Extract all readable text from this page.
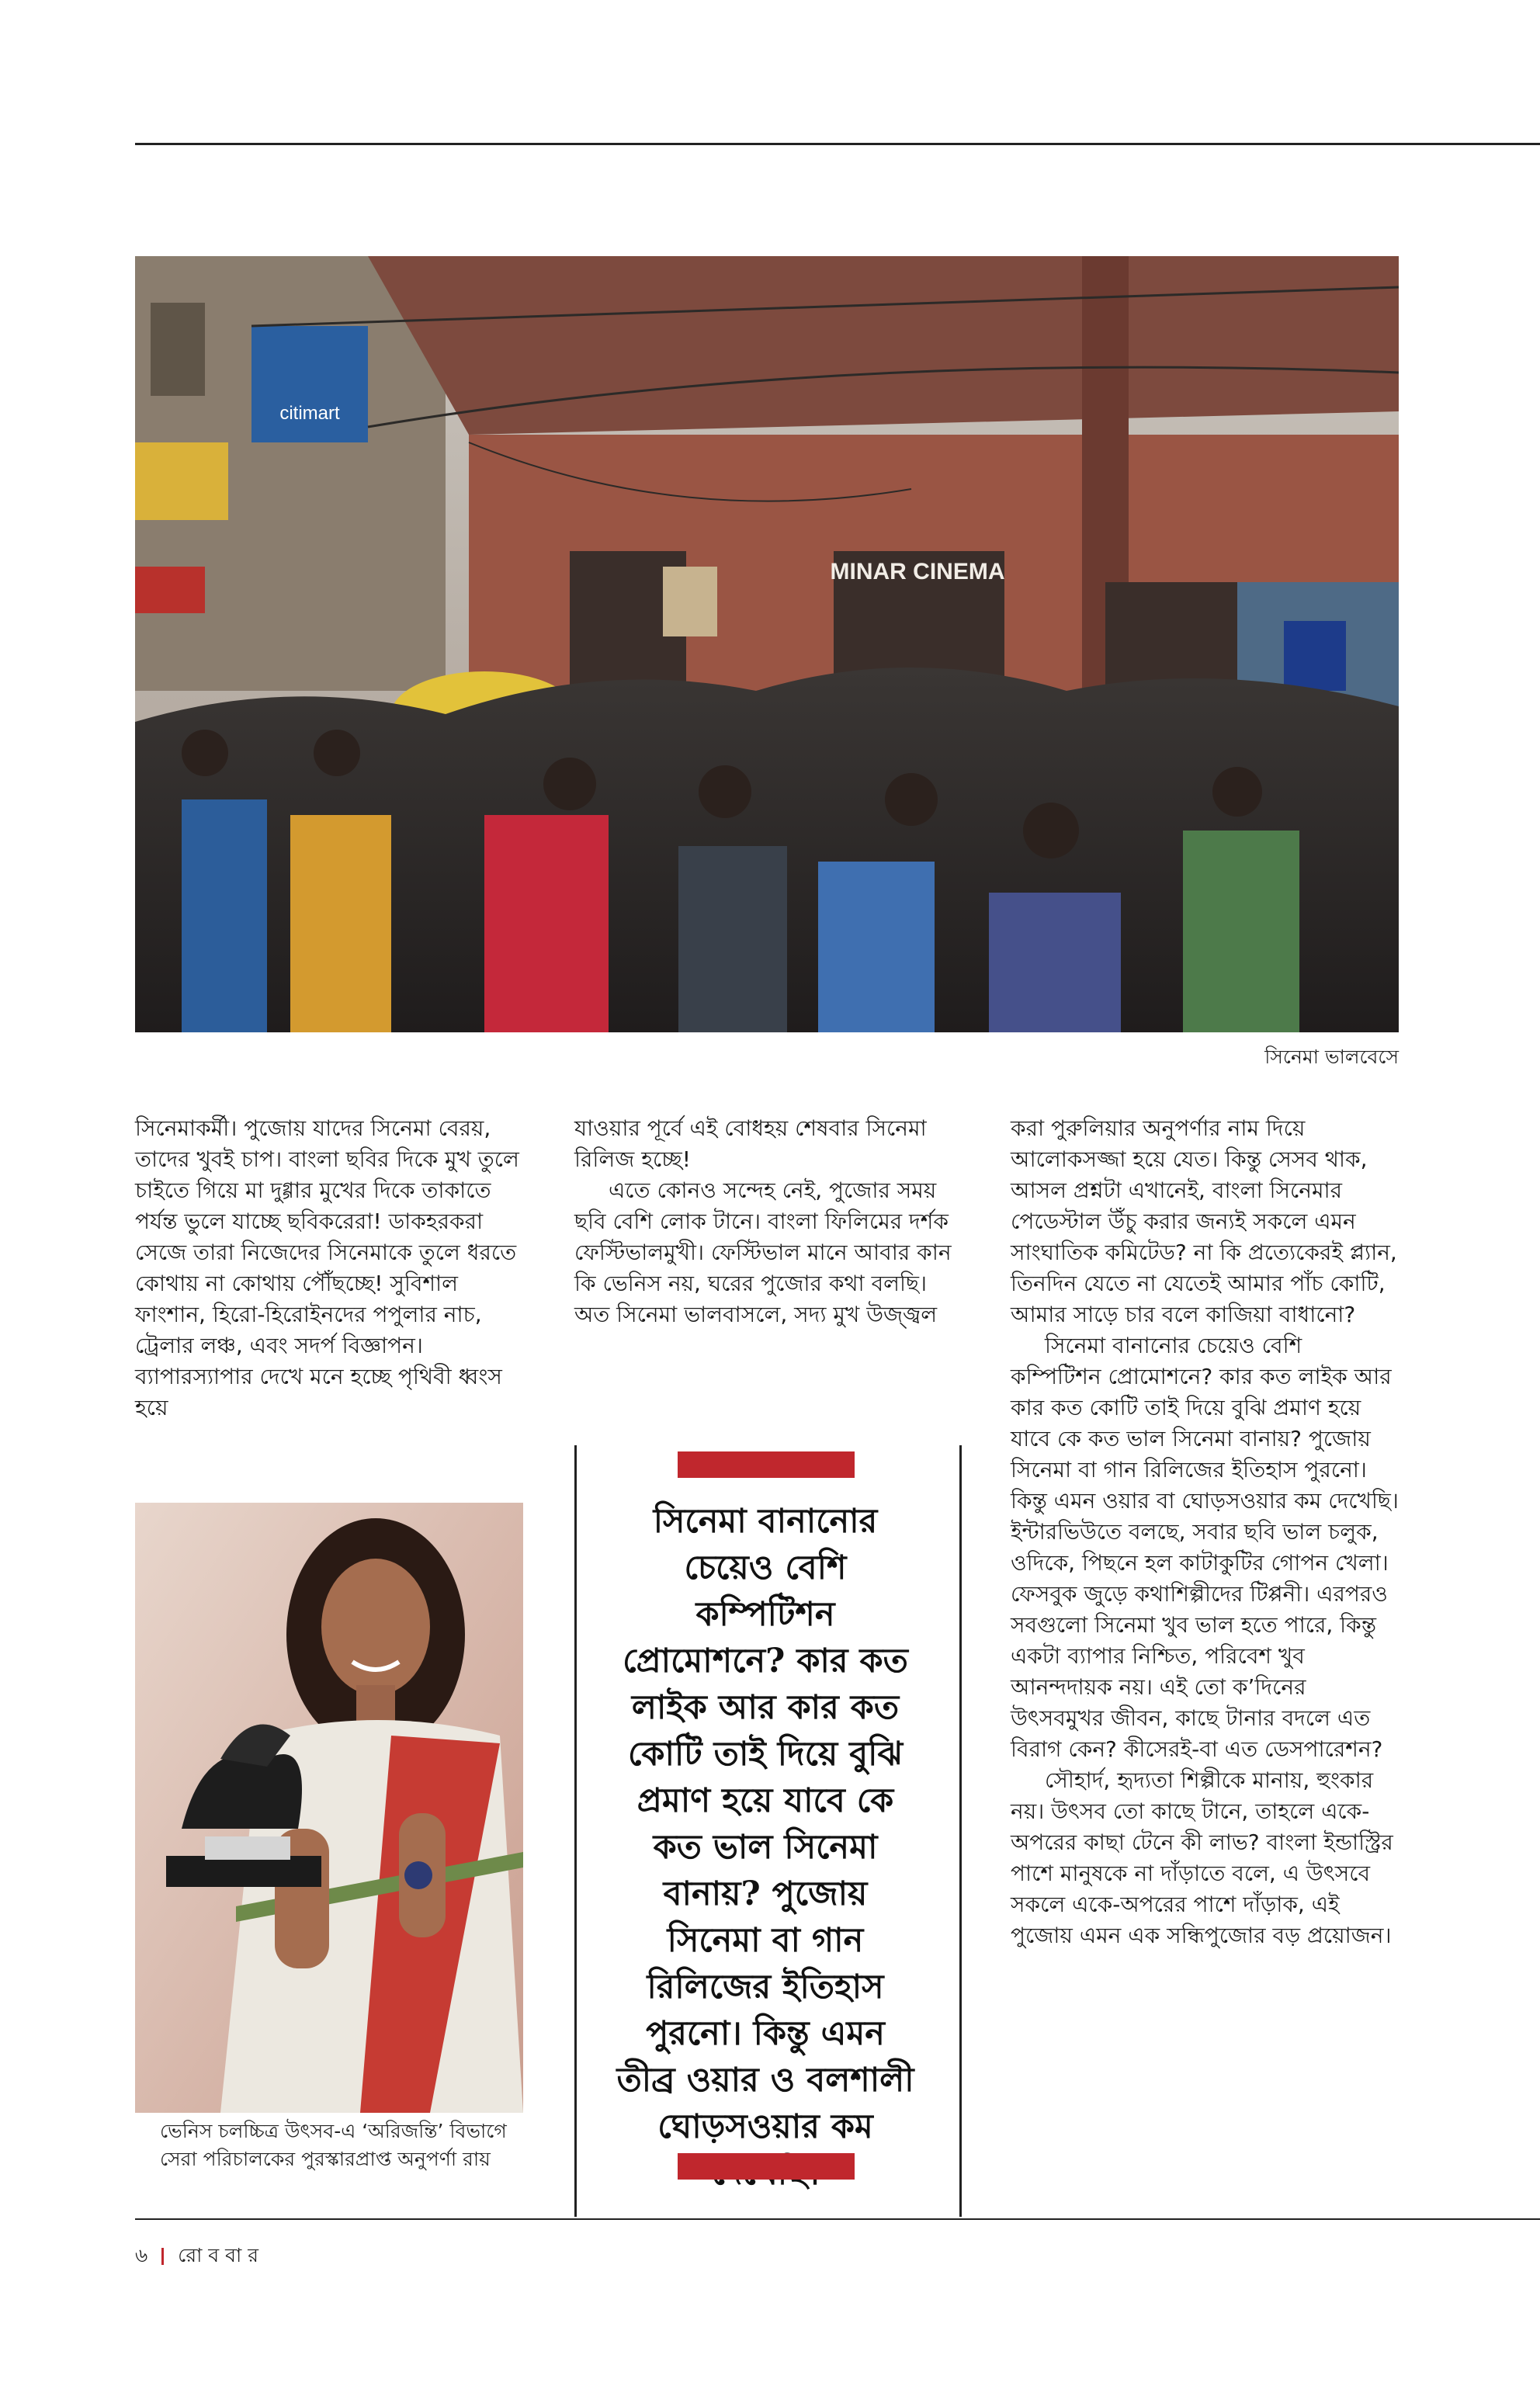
citimart
MINAR CINEMA
সিনেমা ভালবেসে

সিনেমাকর্মী। পুজোয় যাদের সিনেমা বেরয়, তাদের খুবই চাপ। বাংলা ছবির দিকে মুখ তুলে চাইতে গিয়ে মা দুগ্গার মুখের দিকে তাকাতে পর্যন্ত ভুলে যাচ্ছে ছবিকরেরা! ডাকহরকরা সেজে তারা নিজেদের সিনেমাকে তুলে ধরতে কোথায় না কোথায় পৌঁছচ্ছে! সুবিশাল ফাংশান, হিরো-হিরোইনদের পপুলার নাচ, ট্রেলার লঞ্চ, এবং সদর্প বিজ্ঞাপন। ব্যাপারস্যাপার দেখে মনে হচ্ছে পৃথিবী ধ্বংস হয়ে

ভেনিস চলচ্চিত্র উৎসব-এ ‘অরিজন্তি’ বিভাগে
সেরা পরিচালকের পুরস্কারপ্রাপ্ত অনুপর্ণা রায়

যাওয়ার পূর্বে এই বোধহয় শেষবার সিনেমা রিলিজ হচ্ছে!

এতে কোনও সন্দেহ নেই, পুজোর সময় ছবি বেশি লোক টানে। বাংলা ফিলিমের দর্শক ফেস্টিভালমুখী। ফেস্টিভাল মানে আবার কান কি ভেনিস নয়, ঘরের পুজোর কথা বলছি। অত সিনেমা ভালবাসলে, সদ্য মুখ উজ্জ্বল

সিনেমা বানানোর চেয়েও বেশি কম্পিটিশন প্রোমোশনে? কার কত লাইক আর কার কত কোটি তাই দিয়ে বুঝি প্রমাণ হয়ে যাবে কে কত ভাল সিনেমা বানায়? পুজোয় সিনেমা বা গান রিলিজের ইতিহাস পুরনো। কিন্তু এমন তীব্র ওয়ার ও বলশালী ঘোড়সওয়ার কম

করা পুরুলিয়ার অনুপর্ণার নাম দিয়ে আলোকসজ্জা হয়ে যেত। কিন্তু সেসব থাক, আসল প্রশ্নটা এখানেই, বাংলা সিনেমার পেডেস্টাল উঁচু করার জন্যই সকলে এমন সাংঘাতিক কমিটেড? না কি প্রত্যেকেরই প্ল্যান, তিনদিন যেতে না যেতেই আমার পাঁচ কোটি, আমার সাড়ে চার বলে কাজিয়া বাধানো?

সিনেমা বানানোর চেয়েও বেশি কম্পিটিশন প্রোমোশনে? কার কত লাইক আর কার কত কোটি তাই দিয়ে বুঝি প্রমাণ হয়ে যাবে কে কত ভাল সিনেমা বানায়? পুজোয় সিনেমা বা গান রিলিজের ইতিহাস পুরনো। কিন্তু এমন ওয়ার বা ঘোড়সওয়ার কম দেখেছি। ইন্টারভিউতে বলছে, সবার ছবি ভাল চলুক, ওদিকে, পিছনে হল কাটাকুটির গোপন খেলা। ফেসবুক জুড়ে কথাশিল্পীদের টিপ্পনী। এরপরও সবগুলো সিনেমা খুব ভাল হতে পারে, কিন্তু একটা ব্যাপার নিশ্চিত, পরিবেশ খুব আনন্দদায়ক নয়। এই তো ক’দিনের উৎসবমুখর জীবন, কাছে টানার বদলে এত বিরাগ কেন? কীসেরই-বা এত ডেসপারেশন?

সৌহার্দ, হৃদ্যতা শিল্পীকে মানায়, হুংকার নয়। উৎসব তো কাছে টানে, তাহলে একে-অপরের কাছা টেনে কী লাভ? বাংলা ইন্ডাস্ট্রির পাশে মানুষকে না দাঁড়াতে বলে, এ উৎসবে সকলে একে-অপরের পাশে দাঁড়াক, এই পুজোয় এমন এক সন্ধিপুজোর বড় প্রয়োজন।

৬ রো ব বা র
